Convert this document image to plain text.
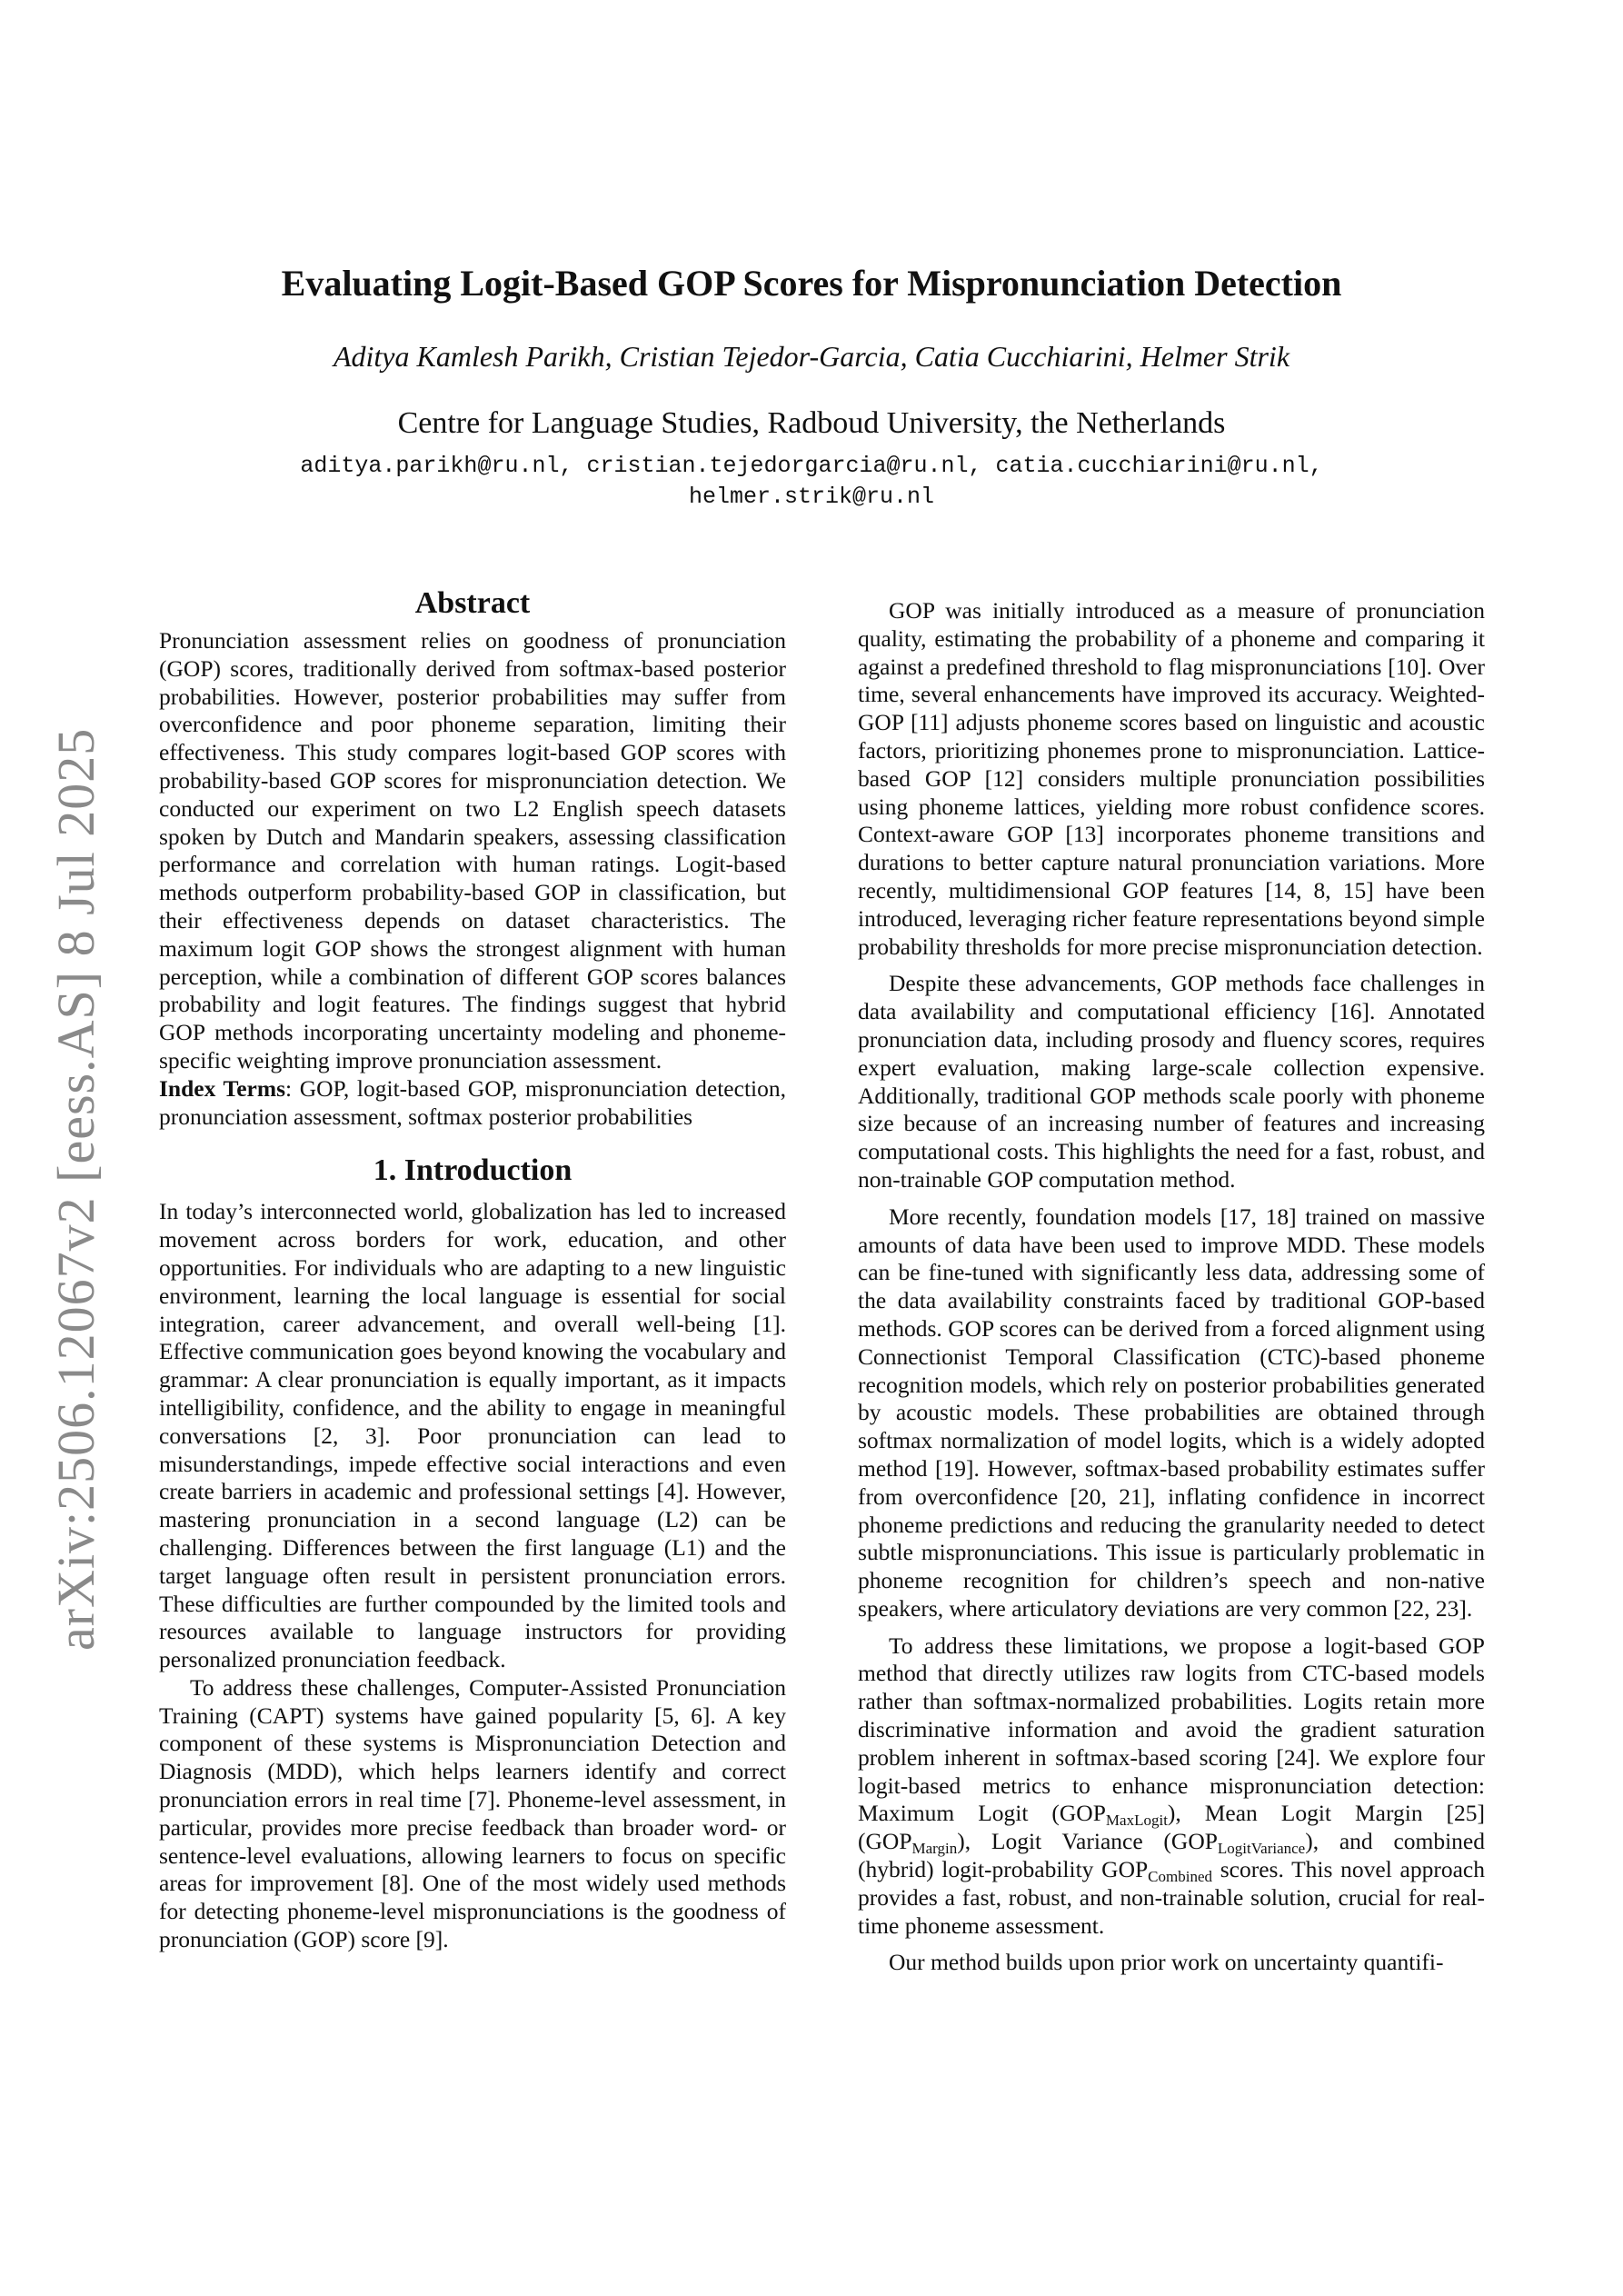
arXiv:2506.12067v2 [eess.AS] 8 Jul 2025
Evaluating Logit-Based GOP Scores for Mispronunciation Detection
Aditya Kamlesh Parikh, Cristian Tejedor-Garcia, Catia Cucchiarini, Helmer Strik
Centre for Language Studies, Radboud University, the Netherlands
aditya.parikh@ru.nl, cristian.tejedorgarcia@ru.nl, catia.cucchiarini@ru.nl,
helmer.strik@ru.nl
Abstract

Pronunciation assessment relies on goodness of pronunciation (GOP) scores, traditionally derived from softmax-based posterior probabilities. However, posterior probabilities may suffer from overconfidence and poor phoneme separation, limiting their effectiveness. This study compares logit-based GOP scores with probability-based GOP scores for mispronunciation detection. We conducted our experiment on two L2 English speech datasets spoken by Dutch and Mandarin speakers, assessing classification performance and correlation with human ratings. Logit-based methods outperform probability-based GOP in classification, but their effectiveness depends on dataset characteristics. The maximum logit GOP shows the strongest alignment with human perception, while a combination of different GOP scores balances probability and logit features. The findings suggest that hybrid GOP methods incorporating uncertainty modeling and phoneme-specific weighting improve pronunciation assessment.

Index Terms: GOP, logit-based GOP, mispronunciation detection, pronunciation assessment, softmax posterior probabilities

1. Introduction

In today’s interconnected world, globalization has led to increased movement across borders for work, education, and other opportunities. For individuals who are adapting to a new linguistic environment, learning the local language is essential for social integration, career advancement, and overall well-being [1]. Effective communication goes beyond knowing the vocabulary and grammar: A clear pronunciation is equally important, as it impacts intelligibility, confidence, and the ability to engage in meaningful conversations [2, 3]. Poor pronunciation can lead to misunderstandings, impede effective social interactions and even create barriers in academic and professional settings [4]. However, mastering pronunciation in a second language (L2) can be challenging. Differences between the first language (L1) and the target language often result in persistent pronunciation errors. These difficulties are further compounded by the limited tools and resources available to language instructors for providing personalized pronunciation feedback.

To address these challenges, Computer-Assisted Pronunciation Training (CAPT) systems have gained popularity [5, 6]. A key component of these systems is Mispronunciation Detection and Diagnosis (MDD), which helps learners identify and correct pronunciation errors in real time [7]. Phoneme-level assessment, in particular, provides more precise feedback than broader word- or sentence-level evaluations, allowing learners to focus on specific areas for improvement [8]. One of the most widely used methods for detecting phoneme-level mispronunciations is the goodness of pronunciation (GOP) score [9].

GOP was initially introduced as a measure of pronunciation quality, estimating the probability of a phoneme and comparing it against a predefined threshold to flag mispronunciations [10]. Over time, several enhancements have improved its accuracy. Weighted-GOP [11] adjusts phoneme scores based on linguistic and acoustic factors, prioritizing phonemes prone to mispronunciation. Lattice-based GOP [12] considers multiple pronunciation possibilities using phoneme lattices, yielding more robust confidence scores. Context-aware GOP [13] incorporates phoneme transitions and durations to better capture natural pronunciation variations. More recently, multidimensional GOP features [14, 8, 15] have been introduced, leveraging richer feature representations beyond simple probability thresholds for more precise mispronunciation detection.

Despite these advancements, GOP methods face challenges in data availability and computational efficiency [16]. Annotated pronunciation data, including prosody and fluency scores, requires expert evaluation, making large-scale collection expensive. Additionally, traditional GOP methods scale poorly with phoneme size because of an increasing number of features and increasing computational costs. This highlights the need for a fast, robust, and non-trainable GOP computation method.

More recently, foundation models [17, 18] trained on massive amounts of data have been used to improve MDD. These models can be fine-tuned with significantly less data, addressing some of the data availability constraints faced by traditional GOP-based methods. GOP scores can be derived from a forced alignment using Connectionist Temporal Classification (CTC)-based phoneme recognition models, which rely on posterior probabilities generated by acoustic models. These probabilities are obtained through softmax normalization of model logits, which is a widely adopted method [19]. However, softmax-based probability estimates suffer from overconfidence [20, 21], inflating confidence in incorrect phoneme predictions and reducing the granularity needed to detect subtle mispronunciations. This issue is particularly problematic in phoneme recognition for children’s speech and non-native speakers, where articulatory deviations are very common [22, 23].

To address these limitations, we propose a logit-based GOP method that directly utilizes raw logits from CTC-based models rather than softmax-normalized probabilities. Logits retain more discriminative information and avoid the gradient saturation problem inherent in softmax-based scoring [24]. We explore four logit-based metrics to enhance mispronunciation detection: Maximum Logit $(GOP_{MaxLogit})$, Mean Logit Margin [25] $(GOP_{Margin})$, Logit Variance $(GOP_{LogitVariance})$, and combined (hybrid) logit-probability $GOP_{Combined}$ scores. This novel approach provides a fast, robust, and non-trainable solution, crucial for real-time phoneme assessment.

Our method builds upon prior work on uncertainty quantifi-
